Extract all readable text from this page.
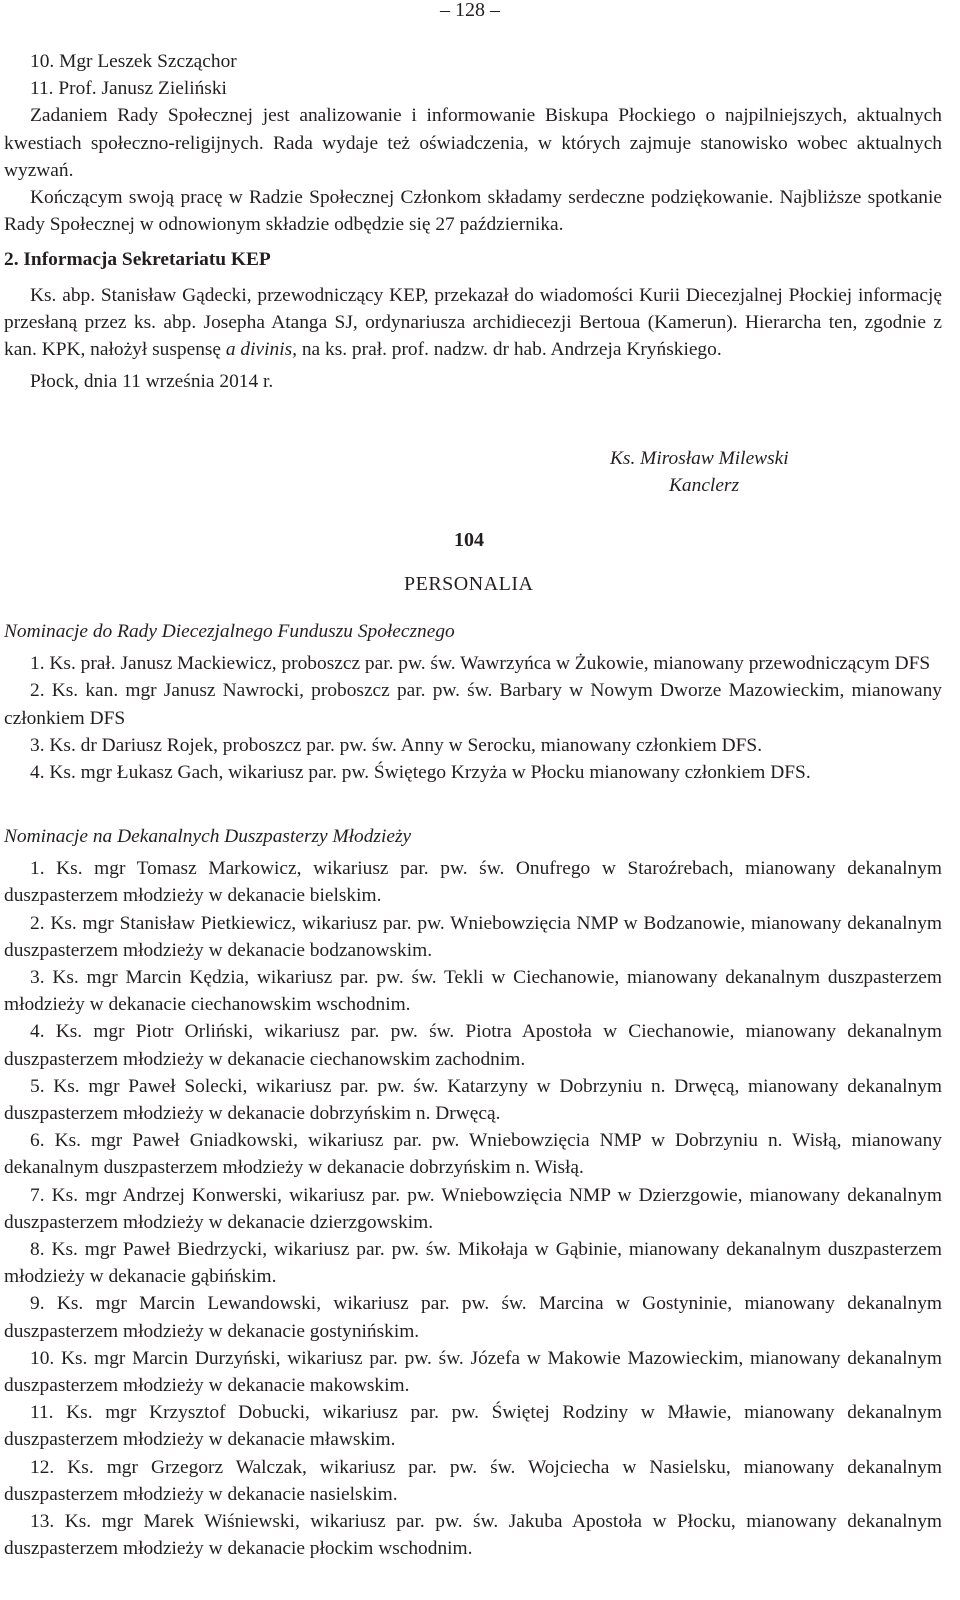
– 128 –

10. Mgr Leszek Szcząchor

11. Prof. Janusz Zieliński

Zadaniem Rady Społecznej jest analizowanie i informowanie Biskupa Płockiego o najpilniejszych, aktualnych kwestiach społeczno-religijnych. Rada wydaje też oświadczenia, w których zajmuje stanowisko wobec aktualnych wyzwań.

Kończącym swoją pracę w Radzie Społecznej Członkom składamy serdeczne podziękowanie. Najbliższe spotkanie Rady Społecznej w odnowionym składzie odbędzie się 27 października.

2. Informacja Sekretariatu KEP

Ks. abp. Stanisław Gądecki, przewodniczący KEP, przekazał do wiadomości Kurii Diecezjalnej Płockiej informację przesłaną przez ks. abp. Josepha Atanga SJ, ordynariusza archidiecezji Bertoua (Kamerun). Hierarcha ten, zgodnie z kan. KPK, nałożył suspensę a divinis, na ks. prał. prof. nadzw. dr hab. Andrzeja Kryńskiego.

Płock, dnia 11 września 2014 r.

Ks. Mirosław Milewski
Kanclerz
104
PERSONALIA

Nominacje do Rady Diecezjalnego Funduszu Społecznego

1. Ks. prał. Janusz Mackiewicz, proboszcz par. pw. św. Wawrzyńca w Żukowie, mianowany przewodniczącym DFS

2. Ks. kan. mgr Janusz Nawrocki, proboszcz par. pw. św. Barbary w Nowym Dworze Mazowieckim, mianowany członkiem DFS

3. Ks. dr Dariusz Rojek, proboszcz par. pw. św. Anny w Serocku, mianowany członkiem DFS.

4. Ks. mgr Łukasz Gach, wikariusz par. pw. Świętego Krzyża w Płocku mianowany członkiem DFS.

Nominacje na Dekanalnych Duszpasterzy Młodzieży

1. Ks. mgr Tomasz Markowicz, wikariusz par. pw. św. Onufrego w Staroźrebach, mianowany dekanalnym duszpasterzem młodzieży w dekanacie bielskim.

2. Ks. mgr Stanisław Pietkiewicz, wikariusz par. pw. Wniebowzięcia NMP w Bodzanowie, mianowany dekanalnym duszpasterzem młodzieży w dekanacie bodzanowskim.

3. Ks. mgr Marcin Kędzia, wikariusz par. pw. św. Tekli w Ciechanowie, mianowany dekanalnym duszpasterzem młodzieży w dekanacie ciechanowskim wschodnim.

4. Ks. mgr Piotr Orliński, wikariusz par. pw. św. Piotra Apostoła w Ciechanowie, mianowany dekanalnym duszpasterzem młodzieży w dekanacie ciechanowskim zachodnim.

5. Ks. mgr Paweł Solecki, wikariusz par. pw. św. Katarzyny w Dobrzyniu n. Drwęcą, mianowany dekanalnym duszpasterzem młodzieży w dekanacie dobrzyńskim n. Drwęcą.

6. Ks. mgr Paweł Gniadkowski, wikariusz par. pw. Wniebowzięcia NMP w Dobrzyniu n. Wisłą, mianowany dekanalnym duszpasterzem młodzieży w dekanacie dobrzyńskim n. Wisłą.

7. Ks. mgr Andrzej Konwerski, wikariusz par. pw. Wniebowzięcia NMP w Dzierzgowie, mianowany dekanalnym duszpasterzem młodzieży w dekanacie dzierzgowskim.

8. Ks. mgr Paweł Biedrzycki, wikariusz par. pw. św. Mikołaja w Gąbinie, mianowany dekanalnym duszpasterzem młodzieży w dekanacie gąbińskim.

9. Ks. mgr Marcin Lewandowski, wikariusz par. pw. św. Marcina w Gostyninie, mianowany dekanalnym duszpasterzem młodzieży w dekanacie gostynińskim.

10. Ks. mgr Marcin Durzyński, wikariusz par. pw. św. Józefa w Makowie Mazowieckim, mianowany dekanalnym duszpasterzem młodzieży w dekanacie makowskim.

11. Ks. mgr Krzysztof Dobucki, wikariusz par. pw. Świętej Rodziny w Mławie, mianowany dekanalnym duszpasterzem młodzieży w dekanacie mławskim.

12. Ks. mgr Grzegorz Walczak, wikariusz par. pw. św. Wojciecha w Nasielsku, mianowany dekanalnym duszpasterzem młodzieży w dekanacie nasielskim.

13. Ks. mgr Marek Wiśniewski, wikariusz par. pw. św. Jakuba Apostoła w Płocku, mianowany dekanalnym duszpasterzem młodzieży w dekanacie płockim wschodnim.
